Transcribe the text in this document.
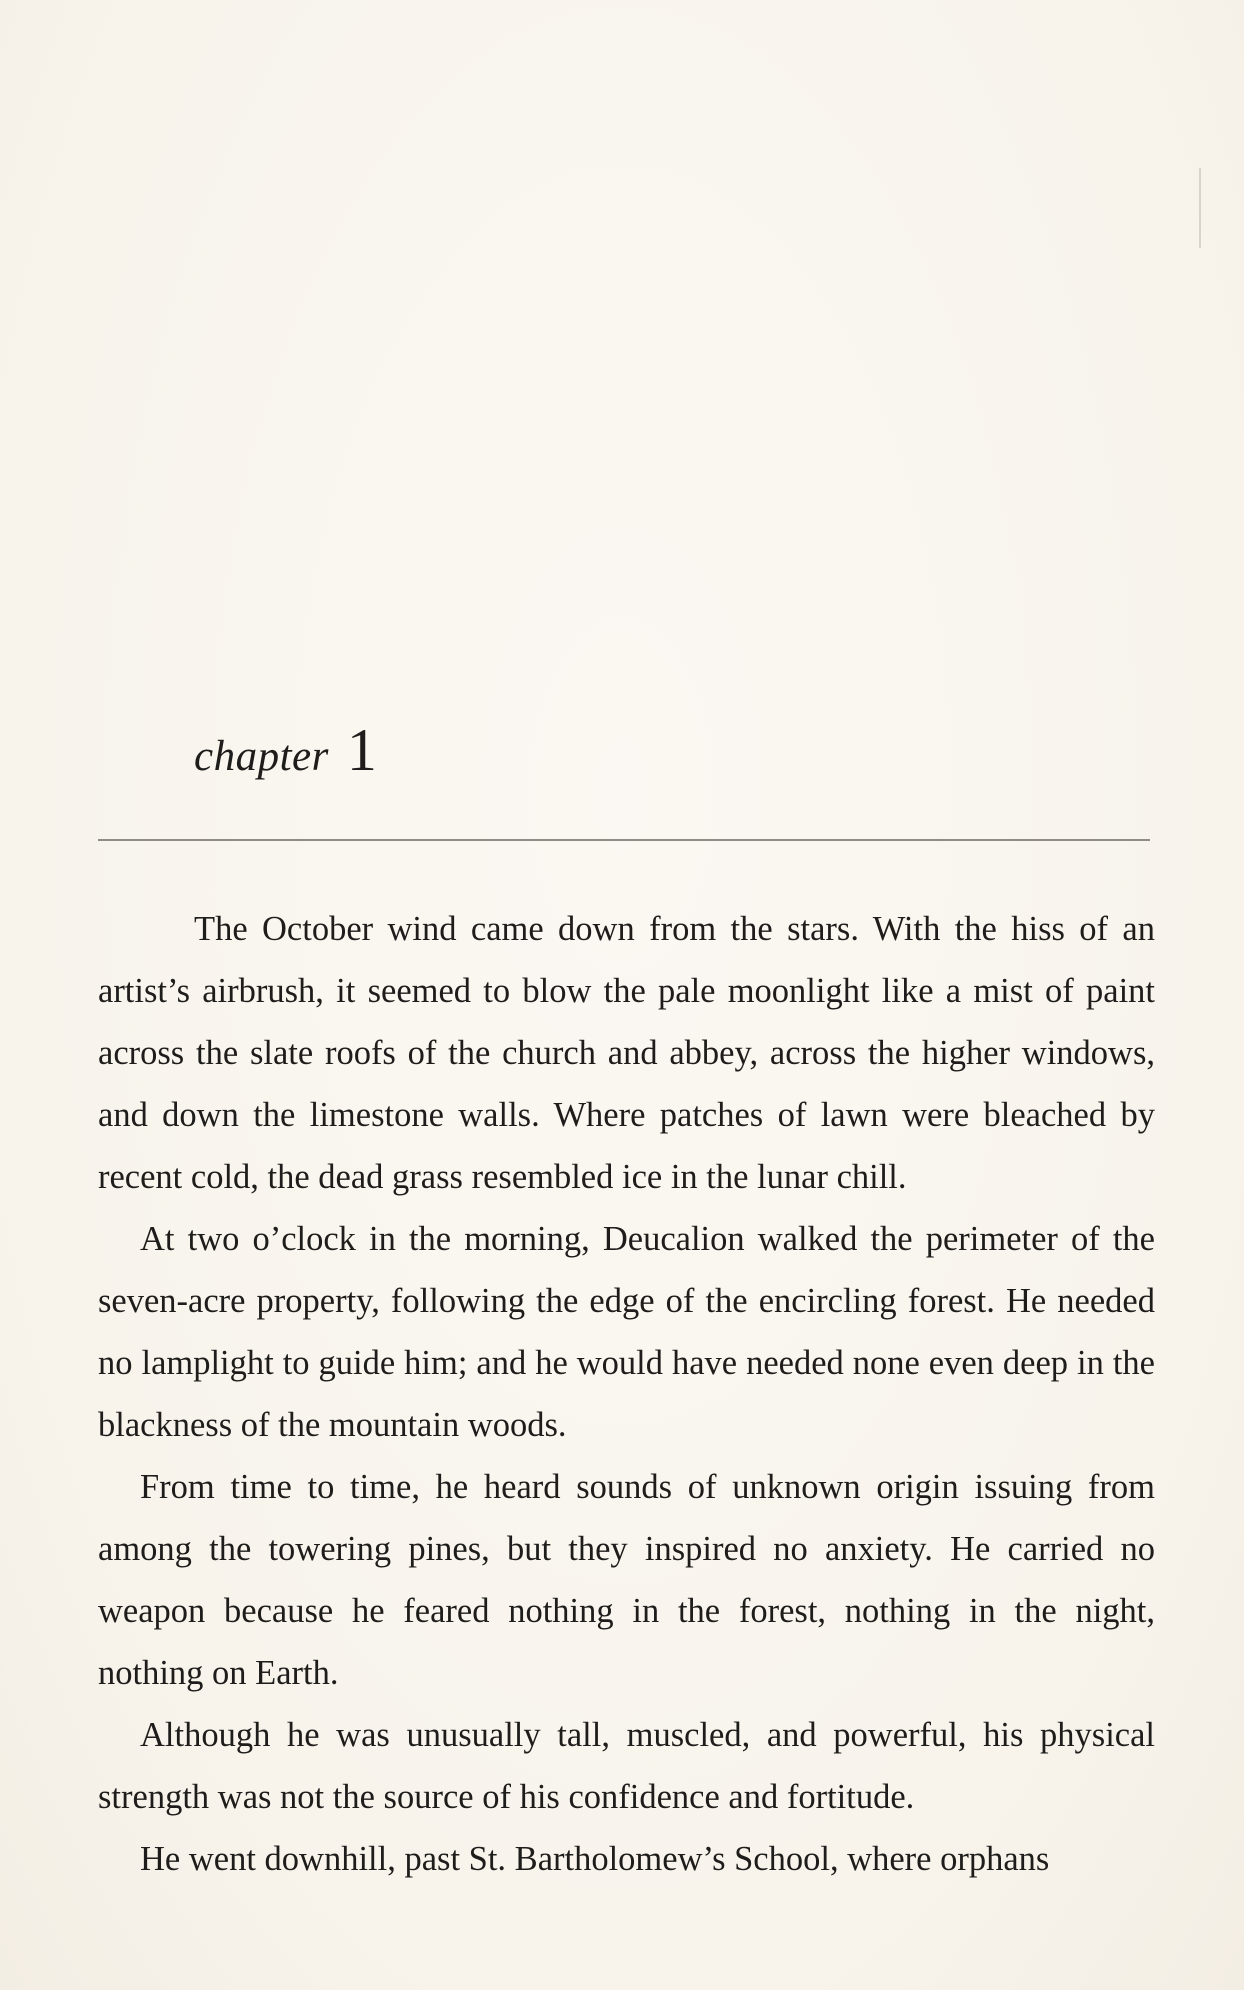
chapter 1

The October wind came down from the stars. With the hiss of an artist’s airbrush, it seemed to blow the pale moonlight like a mist of paint across the slate roofs of the church and abbey, across the higher windows, and down the limestone walls. Where patches of lawn were bleached by recent cold, the dead grass resembled ice in the lunar chill.

At two o’clock in the morning, Deucalion walked the perimeter of the seven-acre property, following the edge of the encircling forest. He needed no lamplight to guide him; and he would have needed none even deep in the blackness of the mountain woods.

From time to time, he heard sounds of unknown origin issuing from among the towering pines, but they inspired no anxiety. He carried no weapon because he feared nothing in the forest, nothing in the night, nothing on Earth.

Although he was unusually tall, muscled, and powerful, his physical strength was not the source of his confidence and fortitude.

He went downhill, past St. Bartholomew’s School, where orphans
